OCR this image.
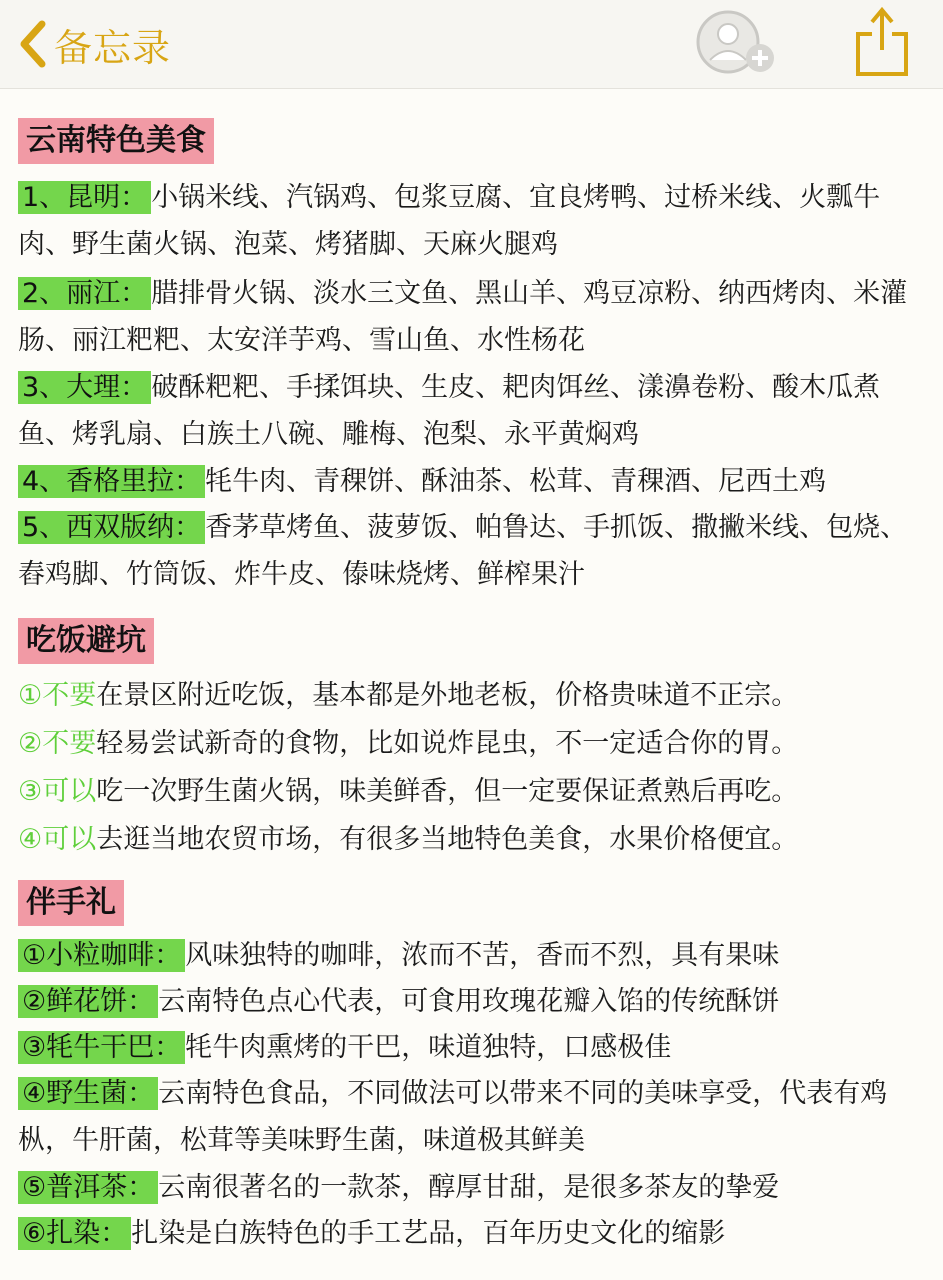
备忘录
云南特色美食
1、昆明： 小锅米线、汽锅鸡、包浆豆腐、宜良烤鸭、过桥米线、火瓢牛肉、野生菌火锅、泡菜、烤猪脚、天麻火腿鸡
2、丽江： 腊排骨火锅、淡水三文鱼、黑山羊、鸡豆凉粉、纳西烤肉、米灌肠、丽江粑粑、太安洋芋鸡、雪山鱼、水性杨花
3、大理： 破酥粑粑、手揉饵块、生皮、耙肉饵丝、漾濞卷粉、酸木瓜煮鱼、烤乳扇、白族土八碗、雕梅、泡梨、永平黄焖鸡
4、香格里拉： 牦牛肉、青稞饼、酥油茶、松茸、青稞酒、尼西土鸡
5、西双版纳： 香茅草烤鱼、菠萝饭、帕鲁达、手抓饭、撒撇米线、包烧、舂鸡脚、竹筒饭、炸牛皮、傣味烧烤、鲜榨果汁
吃饭避坑
①不要在景区附近吃饭，基本都是外地老板，价格贵味道不正宗。
②不要轻易尝试新奇的食物，比如说炸昆虫，不一定适合你的胃。
③可以吃一次野生菌火锅，味美鲜香，但一定要保证煮熟后再吃。
④可以去逛当地农贸市场，有很多当地特色美食，水果价格便宜。
伴手礼
①小粒咖啡： 风味独特的咖啡，浓而不苦，香而不烈，具有果味
②鲜花饼： 云南特色点心代表，可食用玫瑰花瓣入馅的传统酥饼
③牦牛干巴： 牦牛肉熏烤的干巴，味道独特，口感极佳
④野生菌： 云南特色食品，不同做法可以带来不同的美味享受，代表有鸡枞，牛肝菌，松茸等美味野生菌，味道极其鲜美
⑤普洱茶： 云南很著名的一款茶，醇厚甘甜，是很多茶友的挚爱
⑥扎染： 扎染是白族特色的手工艺品，百年历史文化的缩影
